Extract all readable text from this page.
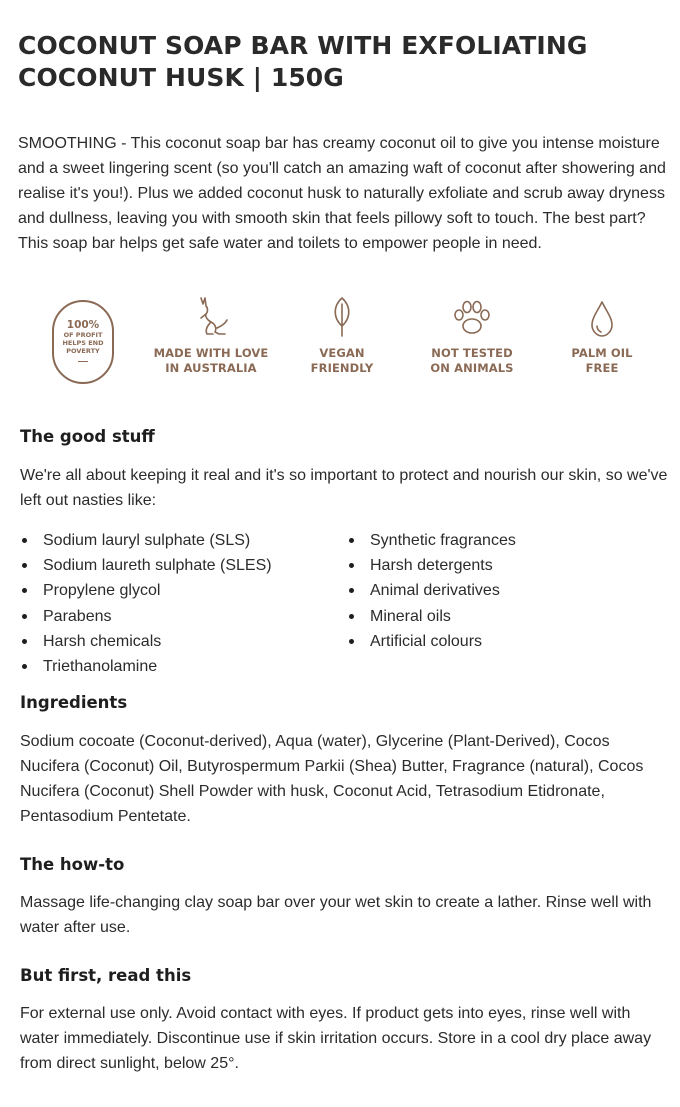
COCONUT SOAP BAR WITH EXFOLIATING COCONUT HUSK | 150G

SMOOTHING - This coconut soap bar has creamy coconut oil to give you intense moisture and a sweet lingering scent (so you'll catch an amazing waft of coconut after showering and realise it's you!). Plus we added coconut husk to naturally exfoliate and scrub away dryness and dullness, leaving you with smooth skin that feels pillowy soft to touch. The best part? This soap bar helps get safe water and toilets to empower people in need.

100%
OF PROFIT
HELPS END
POVERTY	MADE WITH LOVE
IN AUSTRALIA
VEGAN
FRIENDLY
NOT TESTED
ON ANIMALS
PALM OIL
FREE
The good stuff

We're all about keeping it real and it's so important to protect and nourish our skin, so we've left out nasties like:

Sodium lauryl sulphate (SLS)
Sodium laureth sulphate (SLES)
Propylene glycol
Parabens
Harsh chemicals
Triethanolamine
Synthetic fragrances
Harsh detergents
Animal derivatives
Mineral oils
Artificial colours
Ingredients

Sodium cocoate (Coconut-derived), Aqua (water), Glycerine (Plant-Derived), Cocos Nucifera (Coconut) Oil, Butyrospermum Parkii (Shea) Butter, Fragrance (natural), Cocos Nucifera (Coconut) Shell Powder with husk, Coconut Acid, Tetrasodium Etidronate, Pentasodium Pentetate.

The how-to

Massage life-changing clay soap bar over your wet skin to create a lather. Rinse well with water after use.

But first, read this

For external use only. Avoid contact with eyes. If product gets into eyes, rinse well with water immediately. Discontinue use if skin irritation occurs. Store in a cool dry place away from direct sunlight, below 25°.
